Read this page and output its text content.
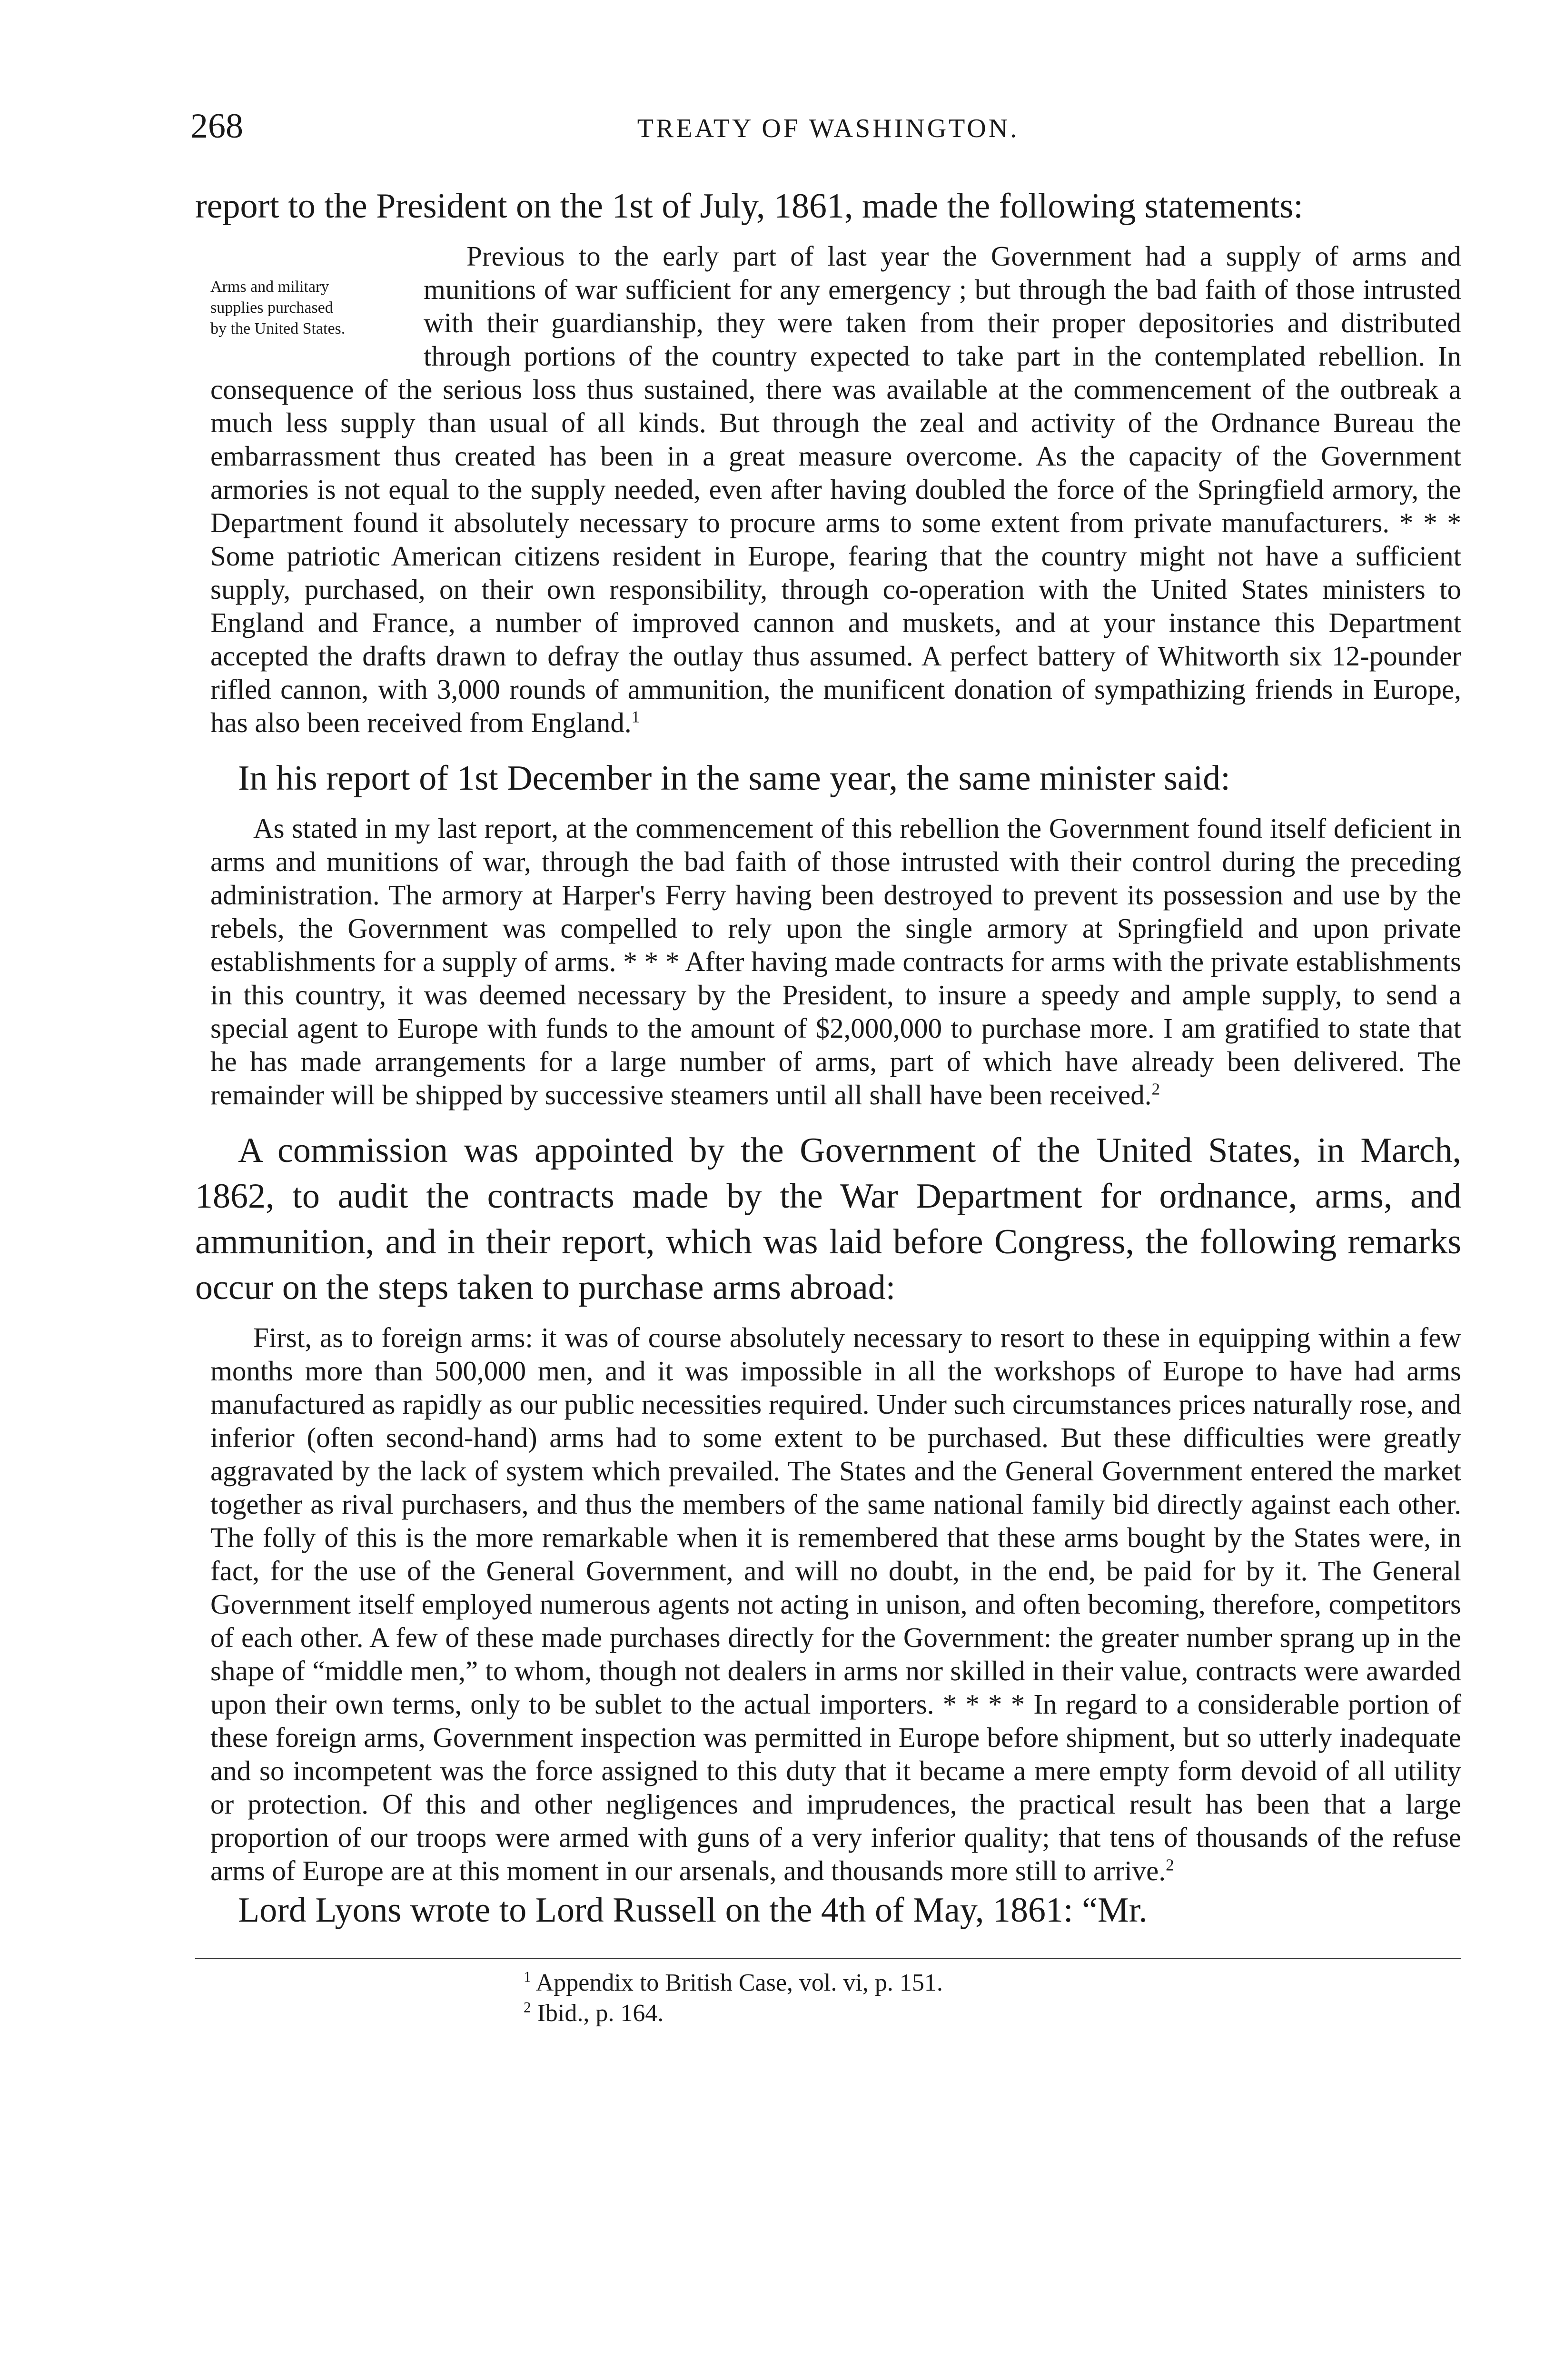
268	TREATY OF WASHINGTON.

report to the President on the 1st of July, 1861, made the following statements:

Arms and military
supplies purchased
by the United States.
Previous to the early part of last year the Government had a supply of arms and munitions of war sufficient for any emergency ; but through the bad faith of those intrusted with their guardianship, they were taken from their proper depositories and distributed through portions of the country expected to take part in the contemplated rebellion. In consequence of the serious loss thus sustained, there was available at the commencement of the outbreak a much less supply than usual of all kinds. But through the zeal and activity of the Ordnance Bureau the embarrassment thus created has been in a great measure overcome. As the capacity of the Government armories is not equal to the supply needed, even after having doubled the force of the Springfield armory, the Department found it absolutely necessary to procure arms to some extent from private manufacturers. * * * Some patriotic American citizens resident in Europe, fearing that the country might not have a sufficient supply, purchased, on their own responsibility, through co-operation with the United States ministers to England and France, a number of improved cannon and muskets, and at your instance this Department accepted the drafts drawn to defray the outlay thus assumed. A perfect battery of Whitworth six 12-pounder rifled cannon, with 3,000 rounds of ammunition, the munificent donation of sympathizing friends in Europe, has also been received from England.$^1$

In his report of 1st December in the same year, the same minister said:

As stated in my last report, at the commencement of this rebellion the Government found itself deficient in arms and munitions of war, through the bad faith of those intrusted with their control during the preceding administration. The armory at Harper's Ferry having been destroyed to prevent its possession and use by the rebels, the Government was compelled to rely upon the single armory at Springfield and upon private establishments for a supply of arms. * * * After having made contracts for arms with the private establishments in this country, it was deemed necessary by the President, to insure a speedy and ample supply, to send a special agent to Europe with funds to the amount of $2,000,000 to purchase more. I am gratified to state that he has made arrangements for a large number of arms, part of which have already been delivered. The remainder will be shipped by successive steamers until all shall have been received.$^2$

A commission was appointed by the Government of the United States, in March, 1862, to audit the contracts made by the War Department for ordnance, arms, and ammunition, and in their report, which was laid before Congress, the following remarks occur on the steps taken to purchase arms abroad:

First, as to foreign arms: it was of course absolutely necessary to resort to these in equipping within a few months more than 500,000 men, and it was impossible in all the workshops of Europe to have had arms manufactured as rapidly as our public necessities required. Under such circumstances prices naturally rose, and inferior (often second-hand) arms had to some extent to be purchased. But these difficulties were greatly aggravated by the lack of system which prevailed. The States and the General Government entered the market together as rival purchasers, and thus the members of the same national family bid directly against each other. The folly of this is the more remarkable when it is remembered that these arms bought by the States were, in fact, for the use of the General Government, and will no doubt, in the end, be paid for by it. The General Government itself employed numerous agents not acting in unison, and often becoming, therefore, competitors of each other. A few of these made purchases directly for the Government: the greater number sprang up in the shape of “middle men,” to whom, though not dealers in arms nor skilled in their value, contracts were awarded upon their own terms, only to be sublet to the actual importers. * * * * In regard to a considerable portion of these foreign arms, Government inspection was permitted in Europe before shipment, but so utterly inadequate and so incompetent was the force assigned to this duty that it became a mere empty form devoid of all utility or protection. Of this and other negligences and imprudences, the practical result has been that a large proportion of our troops were armed with guns of a very inferior quality; that tens of thousands of the refuse arms of Europe are at this moment in our arsenals, and thousands more still to arrive.$^2$

Lord Lyons wrote to Lord Russell on the 4th of May, 1861: “Mr.

$^1$ Appendix to British Case, vol. vi, p. 151.

$^2$ Ibid., p. 164.
